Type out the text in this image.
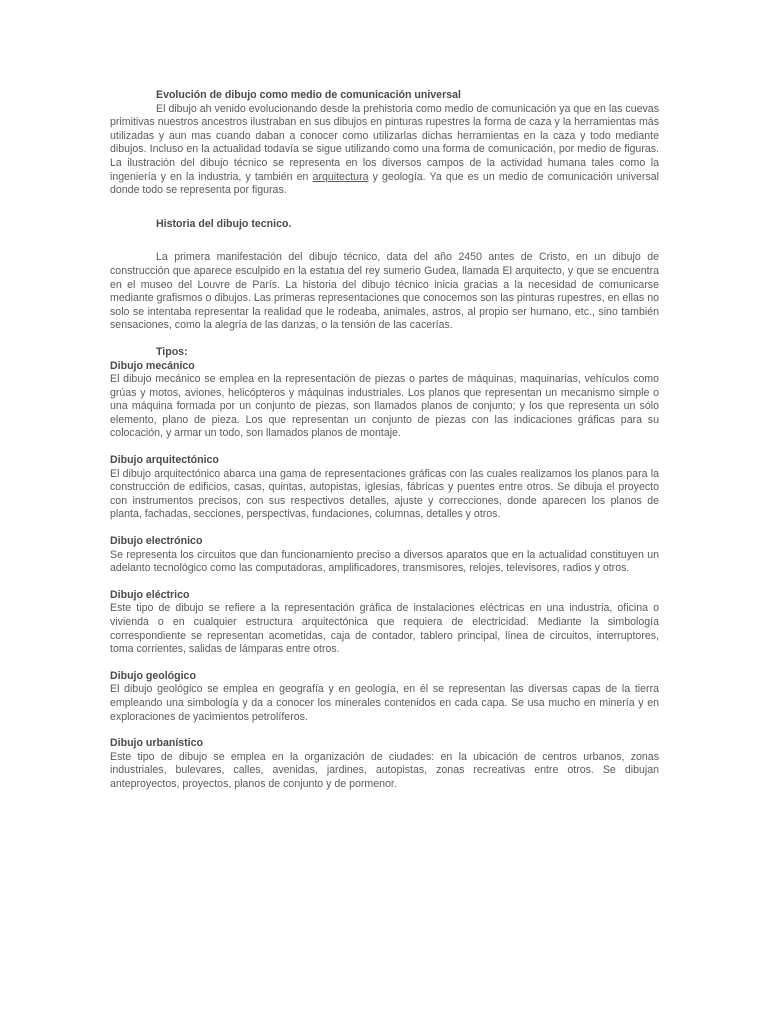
Evolución de dibujo como medio de comunicación universal

El dibujo ah venido evolucionando desde la prehistoria como medio de comunicación ya que en las cuevas primitivas nuestros ancestros ilustraban en sus dibujos en pinturas rupestres la forma de caza y la herramientas más utilizadas y aun mas cuando daban a conocer como utilizarlas dichas herramientas en la caza y todo mediante dibujos. Incluso en la actualidad todavía se sigue utilizando como una forma de comunicación, por medio de figuras. La ilustración del dibujo técnico se representa en los diversos campos de la actividad humana tales como la ingeniería y en la industria, y también en arquitectura y geología. Ya que es un medio de comunicación universal donde todo se representa por figuras.

Historia del dibujo tecnico.

La primera manifestación del dibujo técnico, data del año 2450 antes de Cristo, en un dibujo de construcción que aparece esculpido en la estatua del rey sumerio Gudea, llamada El arquitecto, y que se encuentra en el museo del Louvre de París. La historia del dibujo técnico inicia gracias a la necesidad de comunicarse mediante grafismos o dibujos. Las primeras representaciones que conocemos son las pinturas rupestres, en ellas no solo se intentaba representar la realidad que le rodeaba, animales, astros, al propio ser humano, etc., sino también sensaciones, como la alegría de las danzas, o la tensión de las cacerías.

Tipos:

Dibujo mecánico

El dibujo mecánico se emplea en la representación de piezas o partes de máquinas, maquinarias, vehículos como grúas y motos, aviones, helicópteros y máquinas industriales. Los planos que representan un mecanismo simple o una máquina formada por un conjunto de piezas, son llamados planos de conjunto; y los que representa un sólo elemento, plano de pieza. Los que representan un conjunto de piezas con las indicaciones gráficas para su colocación, y armar un todo, son llamados planos de montaje.

Dibujo arquitectónico

El dibujo arquitectónico abarca una gama de representaciones gráficas con las cuales realizamos los planos para la construcción de edificios, casas, quintas, autopistas, iglesias, fábricas y puentes entre otros. Se dibuja el proyecto con instrumentos precisos, con sus respectivos detalles, ajuste y correcciones, donde aparecen los planos de planta, fachadas, secciones, perspectivas, fundaciones, columnas, detalles y otros.

Dibujo electrónico

Se representa los circuitos que dan funcionamiento preciso a diversos aparatos que en la actualidad constituyen un adelanto tecnológico como las computadoras, amplificadores, transmisores, relojes, televisores, radios y otros.

Dibujo eléctrico

Este tipo de dibujo se refiere a la representación gráfica de instalaciones eléctricas en una industria, oficina o vivienda o en cualquier estructura arquitectónica que requiera de electricidad. Mediante la simbología correspondiente se representan acometidas, caja de contador, tablero principal, línea de circuitos, interruptores, toma corrientes, salidas de lámparas entre otros.

Dibujo geológico

El dibujo geológico se emplea en geografía y en geología, en él se representan las diversas capas de la tierra empleando una simbología y da a conocer los minerales contenidos en cada capa. Se usa mucho en minería y en exploraciones de yacimientos petrolíferos.

Dibujo urbanístico

Este tipo de dibujo se emplea en la organización de ciudades: en la ubicación de centros urbanos, zonas industriales, bulevares, calles, avenidas, jardines, autopistas, zonas recreativas entre otros. Se dibujan anteproyectos, proyectos, planos de conjunto y de pormenor.
